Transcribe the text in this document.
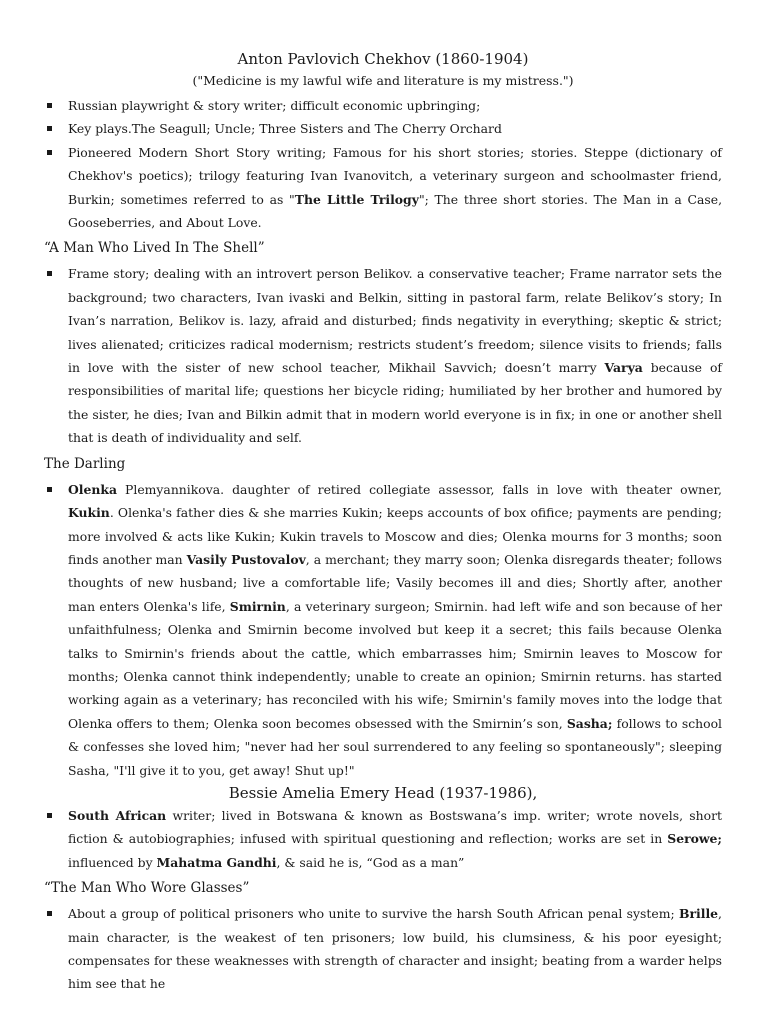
Anton Pavlovich Chekhov (1860-1904)
("Medicine is my lawful wife and literature is my mistress.")
Russian playwright & story writer; difficult economic upbringing;
Key plays.The Seagull; Uncle; Three Sisters and The Cherry Orchard
Pioneered Modern Short Story writing; Famous for his short stories; stories. Steppe (dictionary of Chekhov's poetics); trilogy featuring Ivan Ivanovitch, a veterinary surgeon and schoolmaster friend, Burkin; sometimes referred to as "The Little Trilogy"; The three short stories. The Man in a Case, Gooseberries, and About Love.
“A Man Who Lived In The Shell”
Frame story; dealing with an introvert person Belikov. a conservative teacher; Frame narrator sets the background; two characters, Ivan ivaski and Belkin, sitting in pastoral farm, relate Belikov’s story; In Ivan’s narration, Belikov is. lazy, afraid and disturbed; finds negativity in everything; skeptic & strict; lives alienated; criticizes radical modernism; restricts student’s freedom; silence visits to friends; falls in love with the sister of new school teacher, Mikhail Savvich; doesn’t marry Varya because of responsibilities of marital life; questions her bicycle riding; humiliated by her brother and humored by the sister, he dies; Ivan and Bilkin admit that in modern world everyone is in fix; in one or another shell that is death of individuality and self.
The Darling
Olenka Plemyannikova. daughter of retired collegiate assessor, falls in love with theater owner, Kukin. Olenka's father dies & she marries Kukin; keeps accounts of box ofifice; payments are pending; more involved & acts like Kukin; Kukin travels to Moscow and dies; Olenka mourns for 3 months; soon finds another man Vasily Pustovalov, a merchant; they marry soon; Olenka disregards theater; follows thoughts of new husband; live a comfortable life; Vasily becomes ill and dies; Shortly after, another man enters Olenka's life, Smirnin, a veterinary surgeon; Smirnin. had left wife and son because of her unfaithfulness; Olenka and Smirnin become involved but keep it a secret; this fails because Olenka talks to Smirnin's friends about the cattle, which embarrasses him; Smirnin leaves to Moscow for months; Olenka cannot think independently; unable to create an opinion; Smirnin returns. has started working again as a veterinary; has reconciled with his wife; Smirnin's family moves into the lodge that Olenka offers to them; Olenka soon becomes obsessed with the Smirnin’s son, Sasha; follows to school & confesses she loved him; "never had her soul surrendered to any feeling so spontaneously"; sleeping Sasha, "I'll give it to you, get away! Shut up!"
Bessie Amelia Emery Head (1937-1986),
South African writer; lived in Botswana & known as Bostswana’s imp. writer; wrote novels, short fiction & autobiographies; infused with spiritual questioning and reflection; works are set in Serowe; influenced by Mahatma Gandhi, & said he is, “God as a man”
“The Man Who Wore Glasses”
About a group of political prisoners who unite to survive the harsh South African penal system; Brille, main character, is the weakest of ten prisoners; low build, his clumsiness, & his poor eyesight; compensates for these weaknesses with strength of character and insight; beating from a warder helps him see that he
